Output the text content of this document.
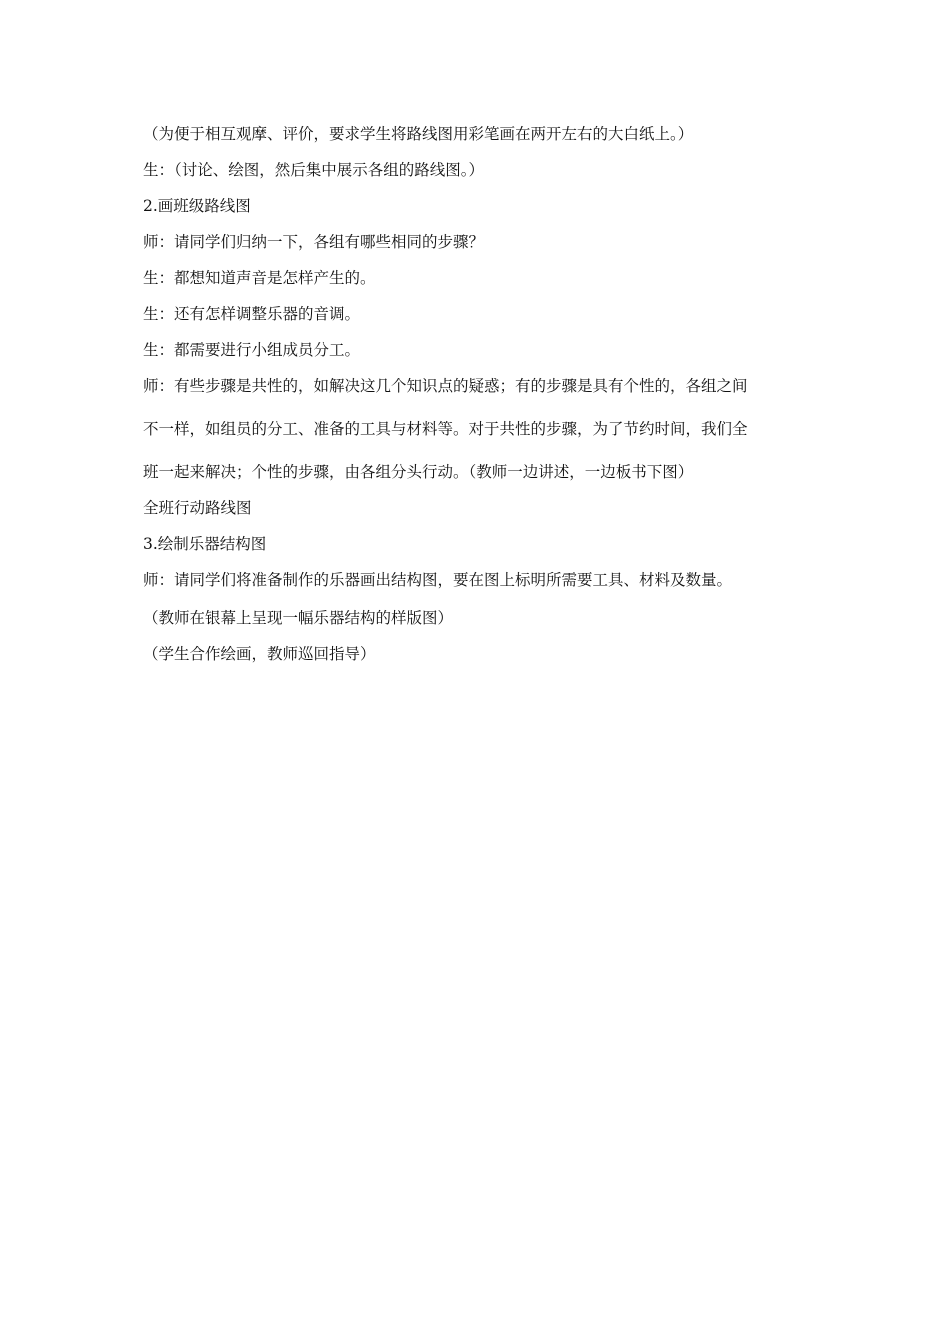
（为便于相互观摩、评价，要求学生将路线图用彩笔画在两开左右的大白纸上。）

生：（讨论、绘图，然后集中展示各组的路线图。）

2.画班级路线图

师：请同学们归纳一下，各组有哪些相同的步骤？

生：都想知道声音是怎样产生的。

生：还有怎样调整乐器的音调。

生：都需要进行小组成员分工。

师：有些步骤是共性的，如解决这几个知识点的疑惑；有的步骤是具有个性的，各组之间
不一样，如组员的分工、准备的工具与材料等。对于共性的步骤，为了节约时间，我们全
班一起来解决；个性的步骤，由各组分头行动。（教师一边讲述，一边板书下图）

全班行动路线图

3.绘制乐器结构图

师：请同学们将准备制作的乐器画出结构图，要在图上标明所需要工具、材料及数量。

（教师在银幕上呈现一幅乐器结构的样版图）

（学生合作绘画，教师巡回指导）
